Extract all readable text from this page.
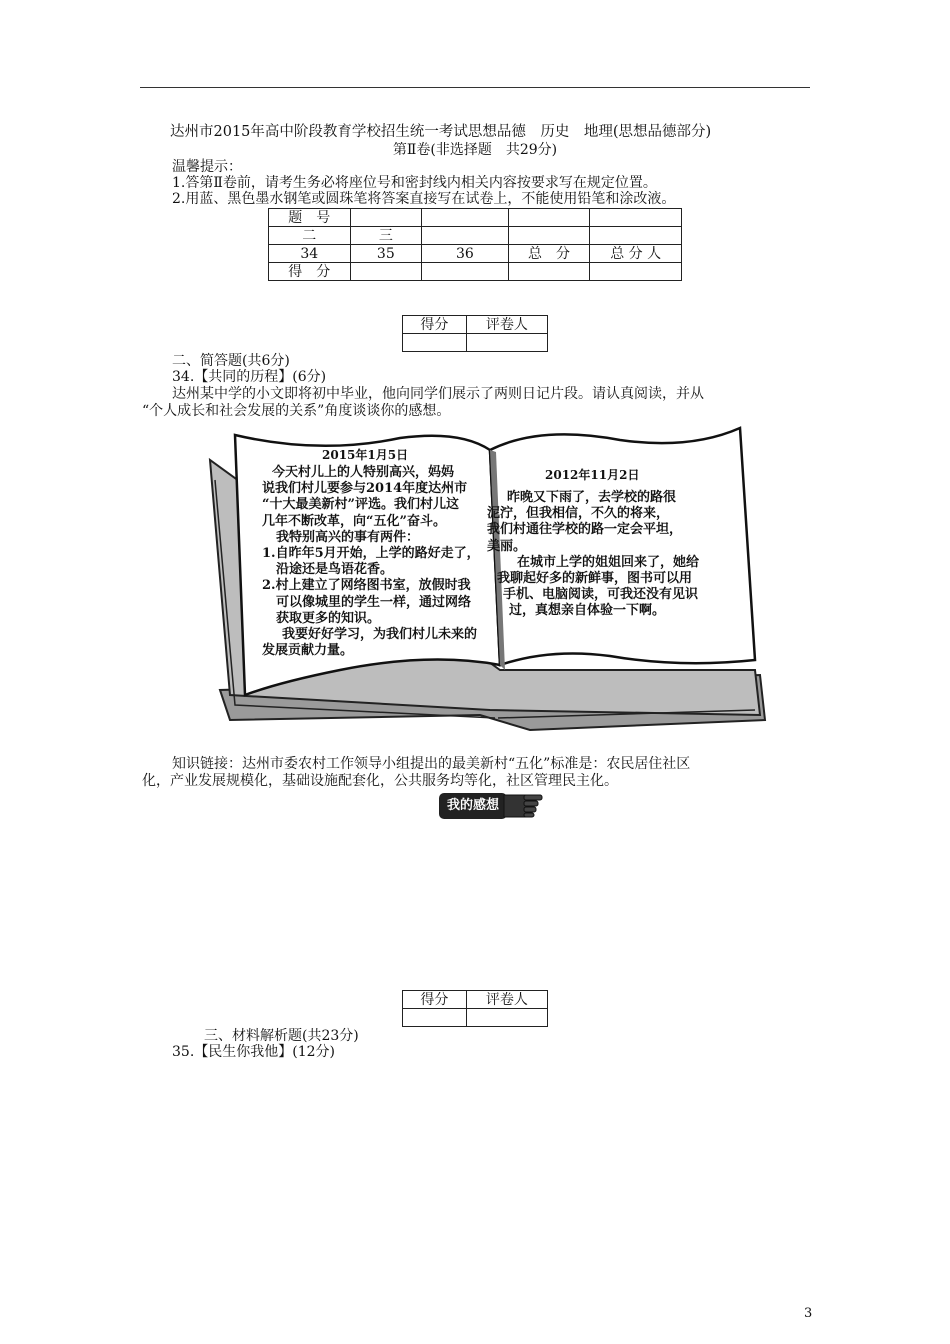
达州市2015年高中阶段教育学校招生统一考试思想品德　历史　地理(思想品德部分)
第Ⅱ卷(非选择题　共29分)
温馨提示：
1.答第Ⅱ卷前，请考生务必将座位号和密封线内相关内容按要求写在规定位置。
2.用蓝、黑色墨水钢笔或圆珠笔将答案直接写在试卷上，不能使用铅笔和涂改液。
题　号				
二	三			
34	35	36	总　分	总 分 人
得　分				
得分	评卷人

二、简答题(共6分)
34.【共同的历程】(6分)
达州某中学的小文即将初中毕业，他向同学们展示了两则日记片段。请认真阅读，并从
“个人成长和社会发展的关系”角度谈谈你的感想。
2015年1月5日
今天村儿上的人特别高兴，妈妈
说我们村儿要参与2014年度达州市
“十大最美新村”评选。我们村儿这
几年不断改革，向“五化”奋斗。
我特别高兴的事有两件：
1.自昨年5月开始，上学的路好走了，
沿途还是鸟语花香。
2.村上建立了网络图书室，放假时我
可以像城里的学生一样，通过网络
获取更多的知识。
我要好好学习，为我们村儿未来的
发展贡献力量。
2012年11月2日
昨晚又下雨了，去学校的路很
泥泞，但我相信，不久的将来，
我们村通往学校的路一定会平坦，
美丽。
在城市上学的姐姐回来了，她给
我聊起好多的新鲜事，图书可以用
手机、电脑阅读，可我还没有见识
过，真想亲自体验一下啊。
知识链接：达州市委农村工作领导小组提出的最美新村“五化”标准是：农民居住社区
化，产业发展规模化，基础设施配套化，公共服务均等化，社区管理民主化。
我的感想
得分	评卷人

三、材料解析题(共23分)
35.【民生你我他】(12分)
3
